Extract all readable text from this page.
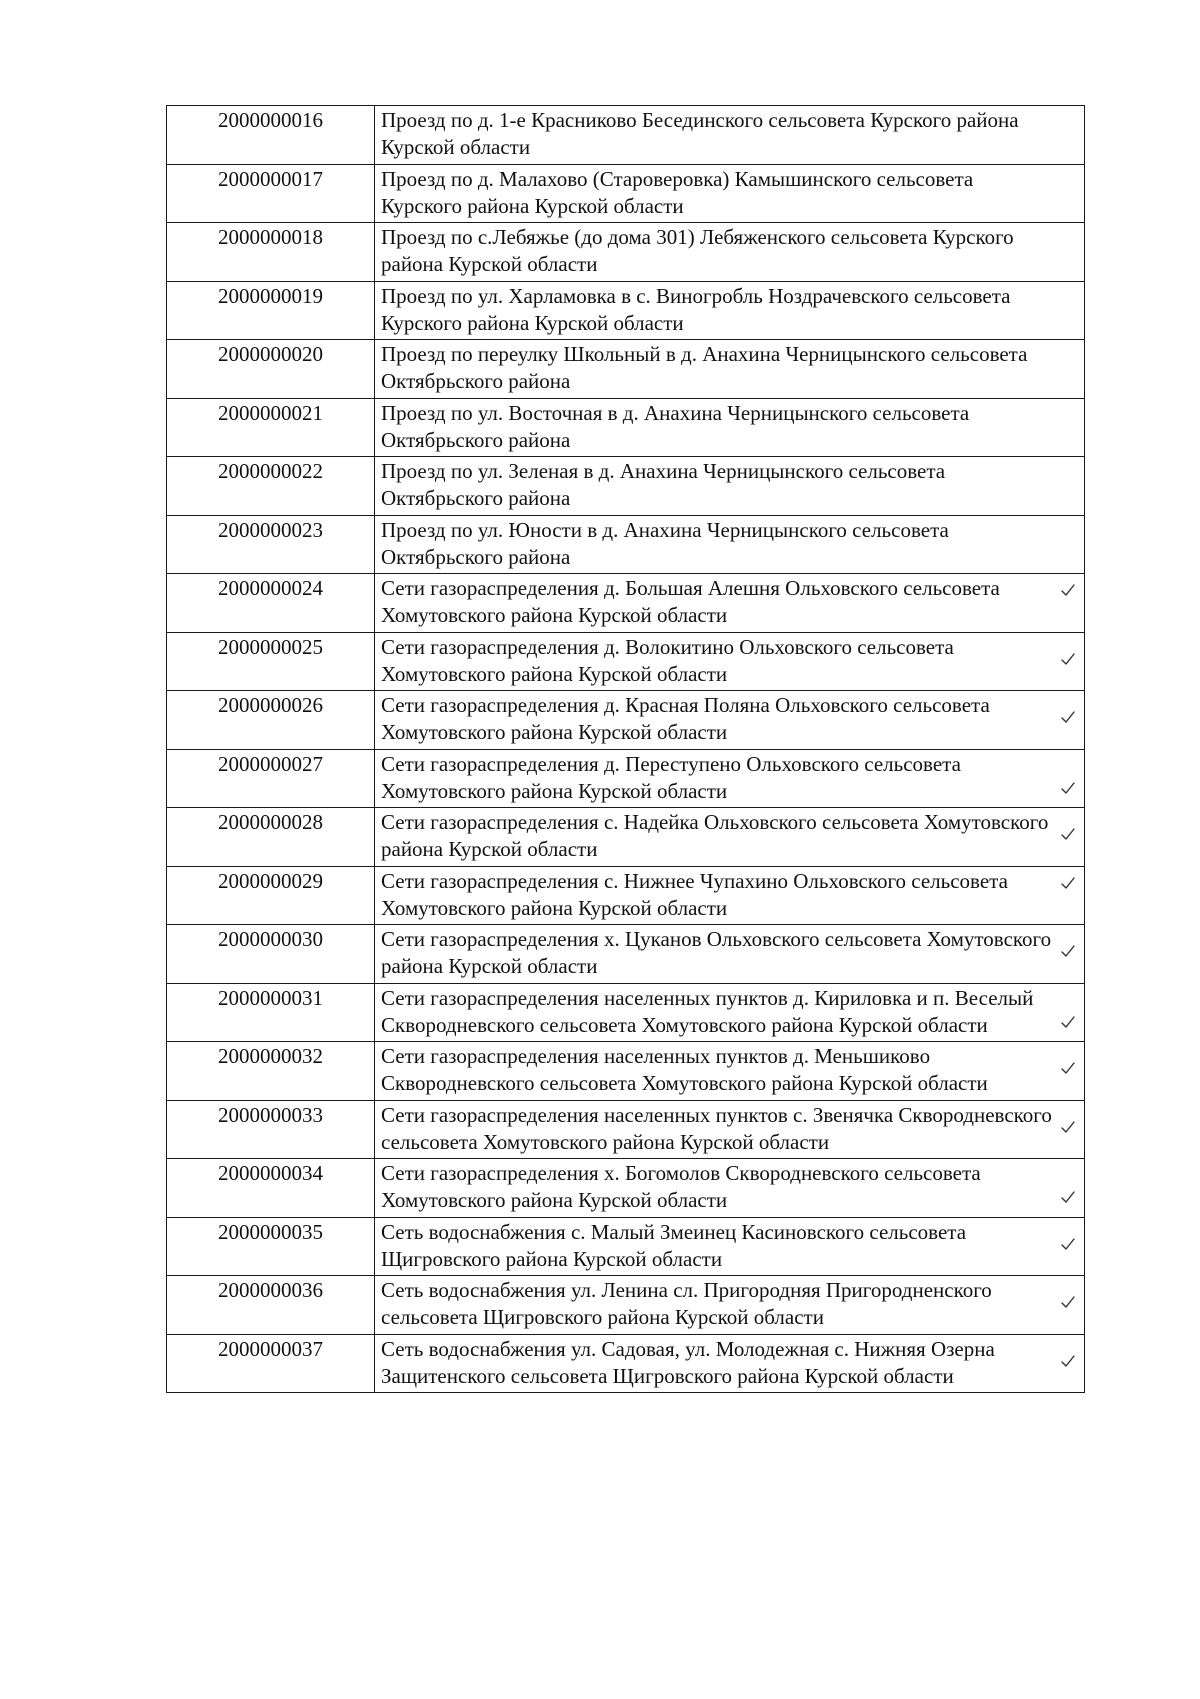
2000000016	Проезд по д. 1-е Красниково Бесединского сельсовета Курского района Курской области
2000000017	Проезд по д. Малахово (Староверовка) Камышинского сельсовета Курского района Курской области
2000000018	Проезд по с.Лебяжье (до дома 301) Лебяженского сельсовета Курского района Курской области
2000000019	Проезд по ул. Харламовка в с. Виногробль Ноздрачевского сельсовета Курского района Курской области
2000000020	Проезд по переулку Школьный в д. Анахина Черницынского сельсовета Октябрьского района
2000000021	Проезд по ул. Восточная в д. Анахина Черницынского сельсовета Октябрьского района
2000000022	Проезд по ул. Зеленая в д. Анахина Черницынского сельсовета Октябрьского района
2000000023	Проезд по ул. Юности в д. Анахина Черницынского сельсовета Октябрьского района
2000000024	Сети газораспределения д. Большая Алешня Ольховского сельсовета Хомутовского района Курской области

2000000025	Сети газораспределения д. Волокитино Ольховского сельсовета Хомутовского района Курской области

2000000026	Сети газораспределения д. Красная Поляна Ольховского сельсовета Хомутовского района Курской области

2000000027	Сети газораспределения д. Переступено Ольховского сельсовета Хомутовского района Курской области

2000000028	Сети газораспределения с. Надейка Ольховского сельсовета Хомутовского района Курской области

2000000029	Сети газораспределения с. Нижнее Чупахино Ольховского сельсовета Хомутовского района Курской области

2000000030	Сети газораспределения х. Цуканов Ольховского сельсовета Хомутовского района Курской области

2000000031	Сети газораспределения населенных пунктов д. Кириловка и п. Веселый Сквородневского сельсовета Хомутовского района Курской области

2000000032	Сети газораспределения населенных пунктов д. Меньшиково Сквородневского сельсовета Хомутовского района Курской области

2000000033	Сети газораспределения населенных пунктов с. Звенячка Сквородневского сельсовета Хомутовского района Курской области

2000000034	Сети газораспределения х. Богомолов Сквородневского сельсовета Хомутовского района Курской области

2000000035	Сеть водоснабжения с. Малый Змеинец Касиновского сельсовета Щигровского района Курской области

2000000036	Сеть водоснабжения ул. Ленина сл. Пригородняя Пригородненского сельсовета Щигровского района Курской области

2000000037	Сеть водоснабжения ул. Садовая, ул. Молодежная с. Нижняя Озерна Защитенского сельсовета Щигровского района Курской области
